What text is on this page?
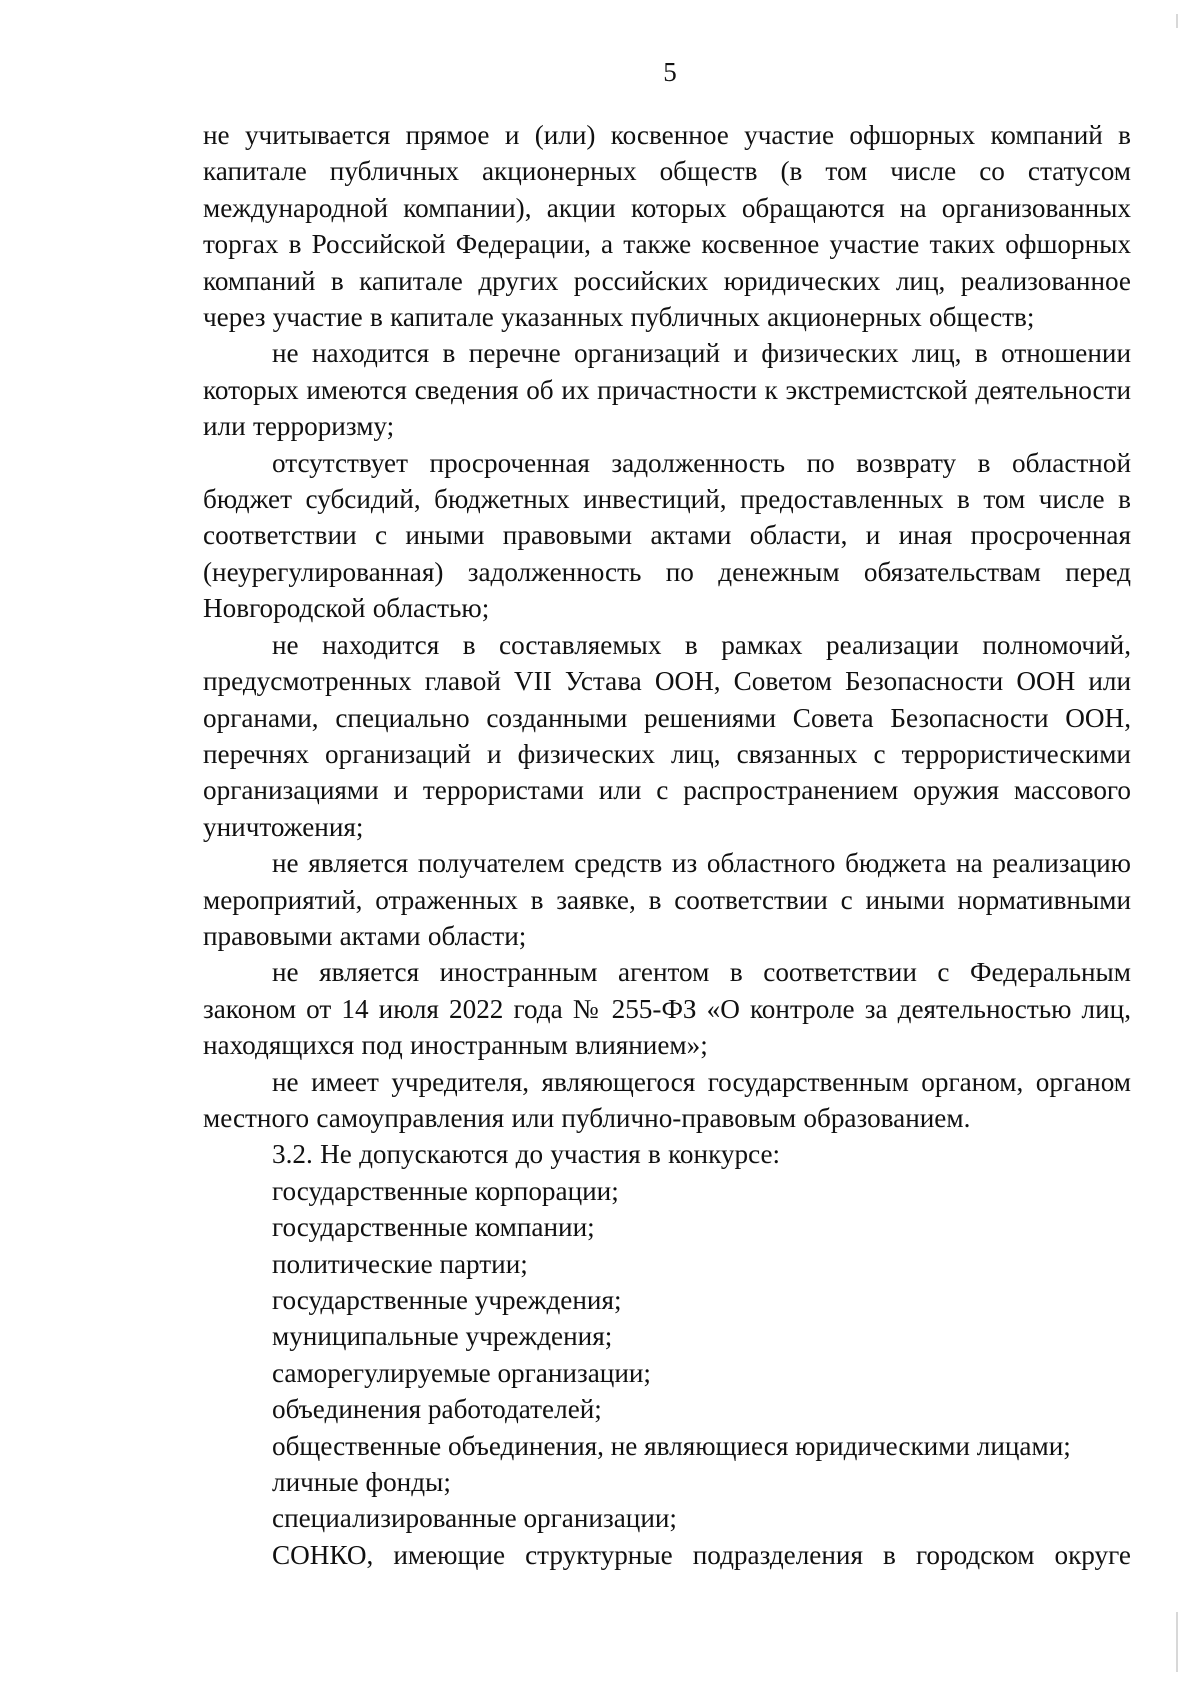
5

не учитывается прямое и (или) косвенное участие офшорных компаний в капитале публичных акционерных обществ (в том числе со статусом международной компании), акции которых обращаются на организованных торгах в Российской Федерации, а также косвенное участие таких офшорных компаний в капитале других российских юридических лиц, реализованное через участие в капитале указанных публичных акционерных обществ;

не находится в перечне организаций и физических лиц, в отношении которых имеются сведения об их причастности к экстремистской деятельности или терроризму;

отсутствует просроченная задолженность по возврату в областной бюджет субсидий, бюджетных инвестиций, предоставленных в том числе в соответствии с иными правовыми актами области, и иная просроченная (неурегулированная) задолженность по денежным обязательствам перед Новгородской областью;

не находится в составляемых в рамках реализации полномочий, предусмотренных главой VII Устава ООН, Советом Безопасности ООН или органами, специально созданными решениями Совета Безопасности ООН, перечнях организаций и физических лиц, связанных с террористическими организациями и террористами или с распространением оружия массового уничтожения;

не является получателем средств из областного бюджета на реализацию мероприятий, отраженных в заявке, в соответствии с иными нормативными правовыми актами области;

не является иностранным агентом в соответствии с Федеральным законом от 14 июля 2022 года № 255-ФЗ «О контроле за деятельностью лиц, находящихся под иностранным влиянием»;

не имеет учредителя, являющегося государственным органом, органом местного самоуправления или публично-правовым образованием.

3.2. Не допускаются до участия в конкурсе:

государственные корпорации;
государственные компании;
политические партии;
государственные учреждения;
муниципальные учреждения;
саморегулируемые организации;
объединения работодателей;
общественные объединения, не являющиеся юридическими лицами;
личные фонды;
специализированные организации;

СОНКО, имеющие структурные подразделения в городском округе
